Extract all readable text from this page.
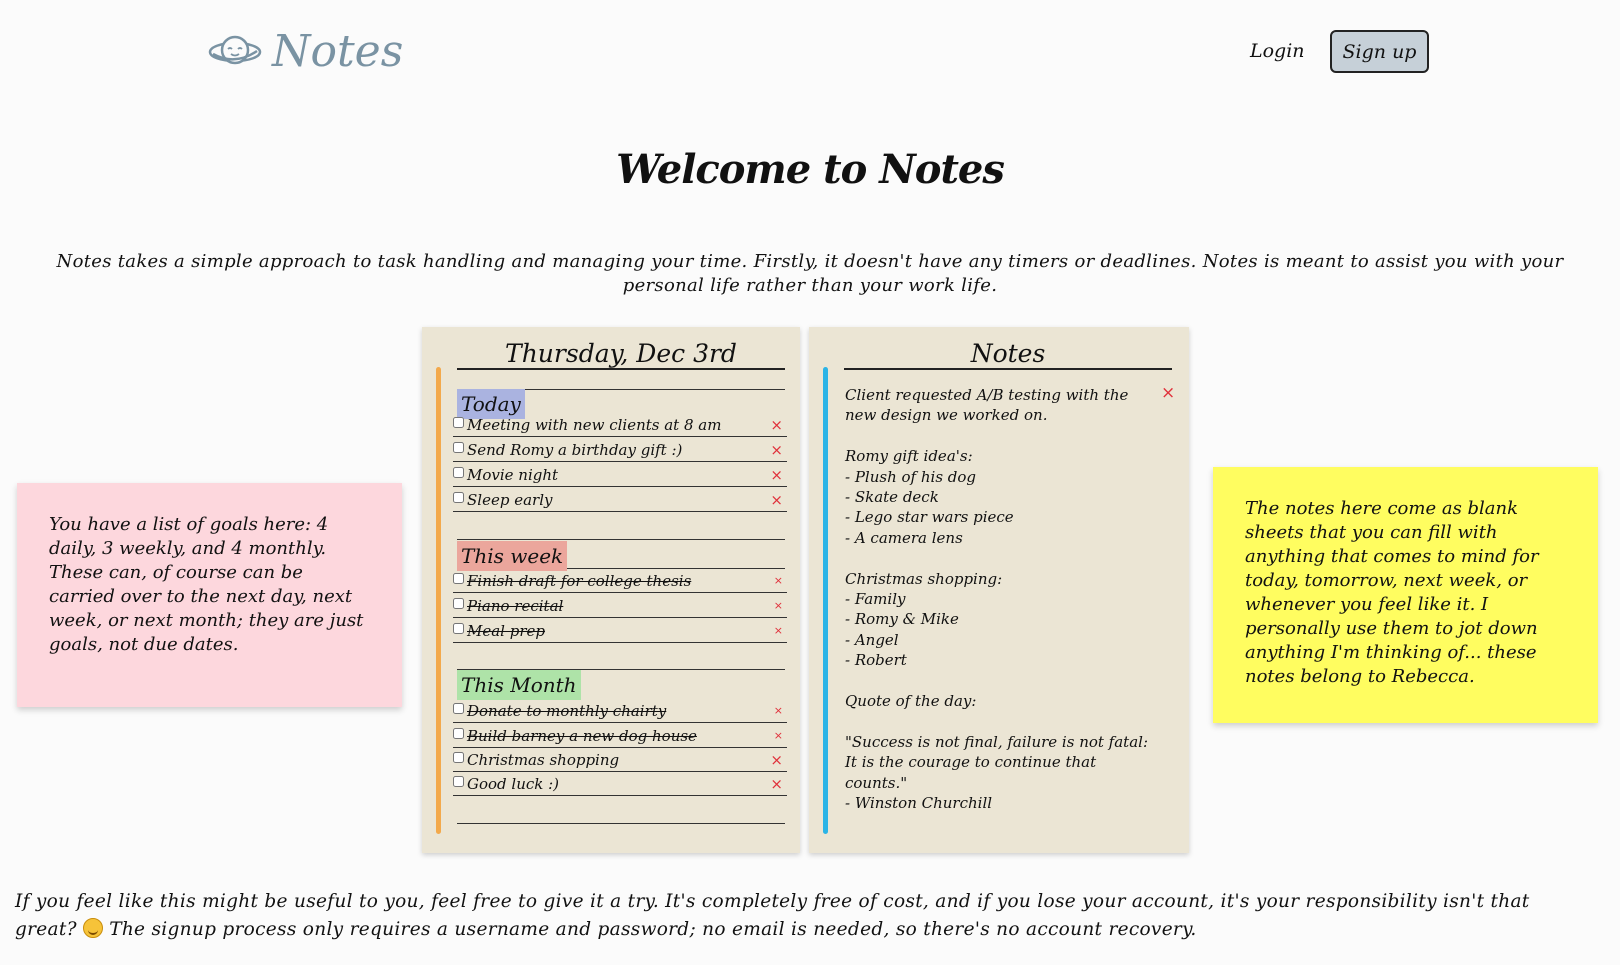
Notes	Login	Sign up
Welcome to Notes

Notes takes a simple approach to task handling and managing your time. Firstly, it doesn't have any timers or deadlines. Notes is meant to assist you with your personal life rather than your work life.

You have a list of goals here: 4 daily, 3 weekly, and 4 monthly. These can, of course can be carried over to the next day, next week, or next month; they are just goals, not due dates.
The notes here come as blank sheets that you can fill with anything that comes to mind for today, tomorrow, next week, or whenever you feel like it. I personally use them to jot down anything I'm thinking of... these notes belong to Rebecca.
Thursday, Dec 3rd
Today
Meeting with new clients at 8 am	×
Send Romy a birthday gift :)	×
Movie night	×
Sleep early	×
This week
Finish draft for college thesis	×
Piano recital	×
Meal prep	×
This Month
Donate to monthly chairty	×
Build barney a new dog house	×
Christmas shopping	×
Good luck :)	×
Notes
Client requested A/B testing with the new design we worked on.

Romy gift idea's:
- Plush of his dog
- Skate deck
- Lego star wars piece
- A camera lens

Christmas shopping:
- Family
- Romy & Mike
- Angel
- Robert

Quote of the day:

"Success is not final, failure is not fatal: It is the courage to continue that counts."
- Winston Churchill
×

If you feel like this might be useful to you, feel free to give it a try. It's completely free of cost, and if you lose your account, it's your responsibility isn't that great? The signup process only requires a username and password; no email is needed, so there's no account recovery.
